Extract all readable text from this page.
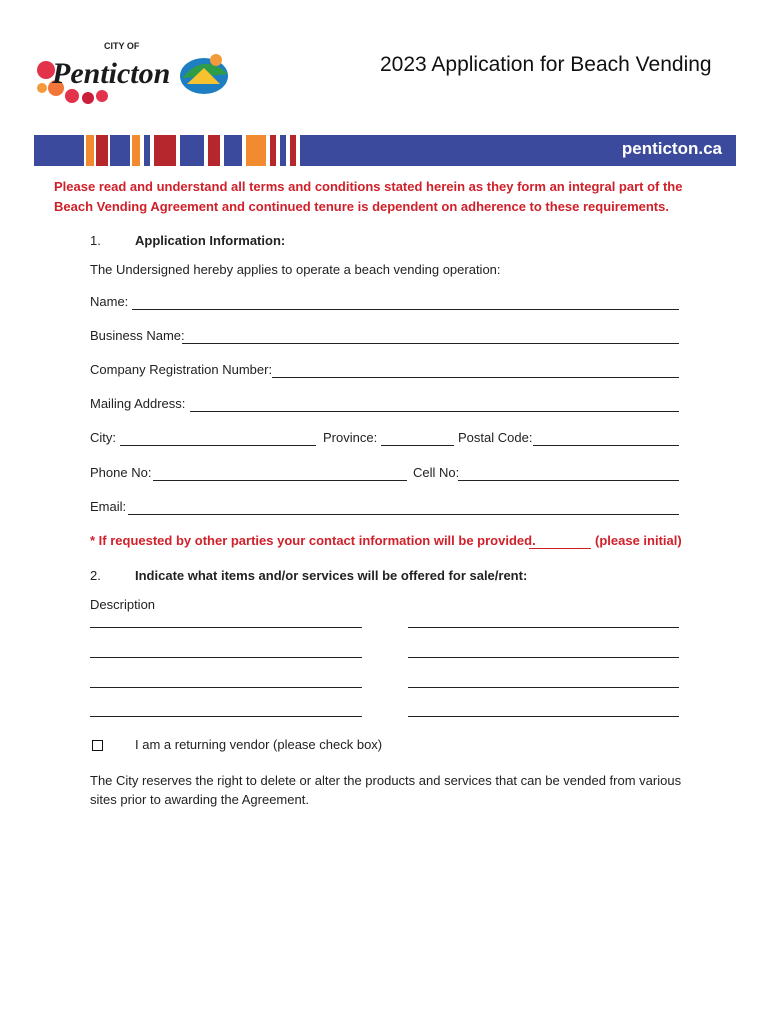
CITY OF
Penticton	2023 Application for Beach Vending
penticton.ca
Please read and understand all terms and conditions stated herein as they form an integral part of the Beach Vending Agreement and continued tenure is dependent on adherence to these requirements.
1.	Application Information:
The Undersigned hereby applies to operate a beach vending operation:
Name:
Business Name:
Company Registration Number:
Mailing Address:
City:	Province:	Postal Code:
Phone No:	Cell No:
Email:
* If requested by other parties your contact information will be provided.	(please initial)
2.	Indicate what items and/or services will be offered for sale/rent:
Description
I am a returning vendor (please check box)
The City reserves the right to delete or alter the products and services that can be vended from various sites prior to awarding the Agreement.
